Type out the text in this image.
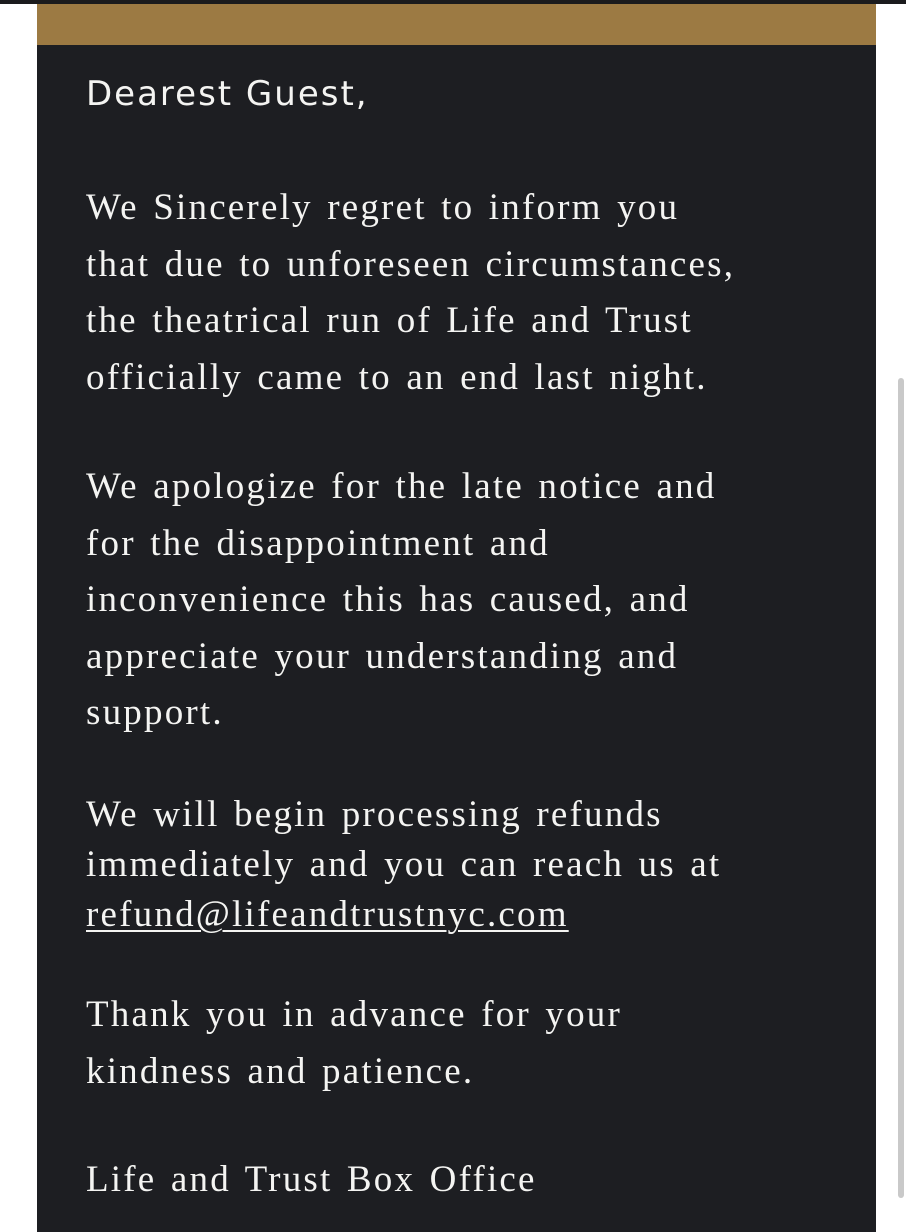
Dearest Guest,

We Sincerely regret to inform you
that due to unforeseen circumstances,
the theatrical run of Life and Trust
officially came to an end last night.

We apologize for the late notice and
for the disappointment and
inconvenience this has caused, and
appreciate your understanding and
support.

We will begin processing refunds
immediately and you can reach us at
refund@lifeandtrustnyc.com

Thank you in advance for your
kindness and patience.

Life and Trust Box Office
